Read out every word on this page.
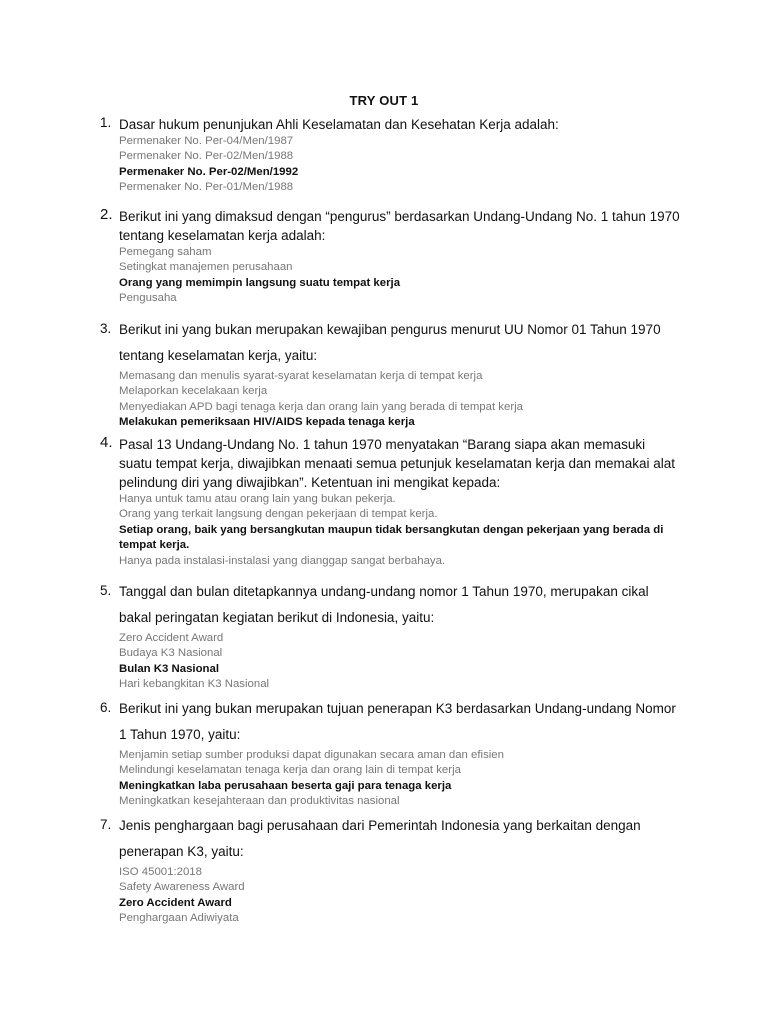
TRY OUT 1
1. Dasar hukum penunjukan Ahli Keselamatan dan Kesehatan Kerja adalah:
Permenaker No. Per-04/Men/1987
Permenaker No. Per-02/Men/1988
Permenaker No. Per-02/Men/1992
Permenaker No. Per-01/Men/1988
2. Berikut ini yang dimaksud dengan “pengurus” berdasarkan Undang-Undang No. 1 tahun 1970 tentang keselamatan kerja adalah:
Pemegang saham
Setingkat manajemen perusahaan
Orang yang memimpin langsung suatu tempat kerja
Pengusaha
3. Berikut ini yang bukan merupakan kewajiban pengurus menurut UU Nomor 01 Tahun 1970 tentang keselamatan kerja, yaitu:
Memasang dan menulis syarat-syarat keselamatan kerja di tempat kerja
Melaporkan kecelakaan kerja
Menyediakan APD bagi tenaga kerja dan orang lain yang berada di tempat kerja
Melakukan pemeriksaan HIV/AIDS kepada tenaga kerja
4. Pasal 13 Undang-Undang No. 1 tahun 1970 menyatakan “Barang siapa akan memasuki suatu tempat kerja, diwajibkan menaati semua petunjuk keselamatan kerja dan memakai alat pelindung diri yang diwajibkan”. Ketentuan ini mengikat kepada:
Hanya untuk tamu atau orang lain yang bukan pekerja.
Orang yang terkait langsung dengan pekerjaan di tempat kerja.
Setiap orang, baik yang bersangkutan maupun tidak bersangkutan dengan pekerjaan yang berada di tempat kerja.
Hanya pada instalasi-instalasi yang dianggap sangat berbahaya.
5. Tanggal dan bulan ditetapkannya undang-undang nomor 1 Tahun 1970, merupakan cikal bakal peringatan kegiatan berikut di Indonesia, yaitu:
Zero Accident Award
Budaya K3 Nasional
Bulan K3 Nasional
Hari kebangkitan K3 Nasional
6. Berikut ini yang bukan merupakan tujuan penerapan K3 berdasarkan Undang-undang Nomor 1 Tahun 1970, yaitu:
Menjamin setiap sumber produksi dapat digunakan secara aman dan efisien
Melindungi keselamatan tenaga kerja dan orang lain di tempat kerja
Meningkatkan laba perusahaan beserta gaji para tenaga kerja
Meningkatkan kesejahteraan dan produktivitas nasional
7. Jenis penghargaan bagi perusahaan dari Pemerintah Indonesia yang berkaitan dengan penerapan K3, yaitu:
ISO 45001:2018
Safety Awareness Award
Zero Accident Award
Penghargaan Adiwiyata
